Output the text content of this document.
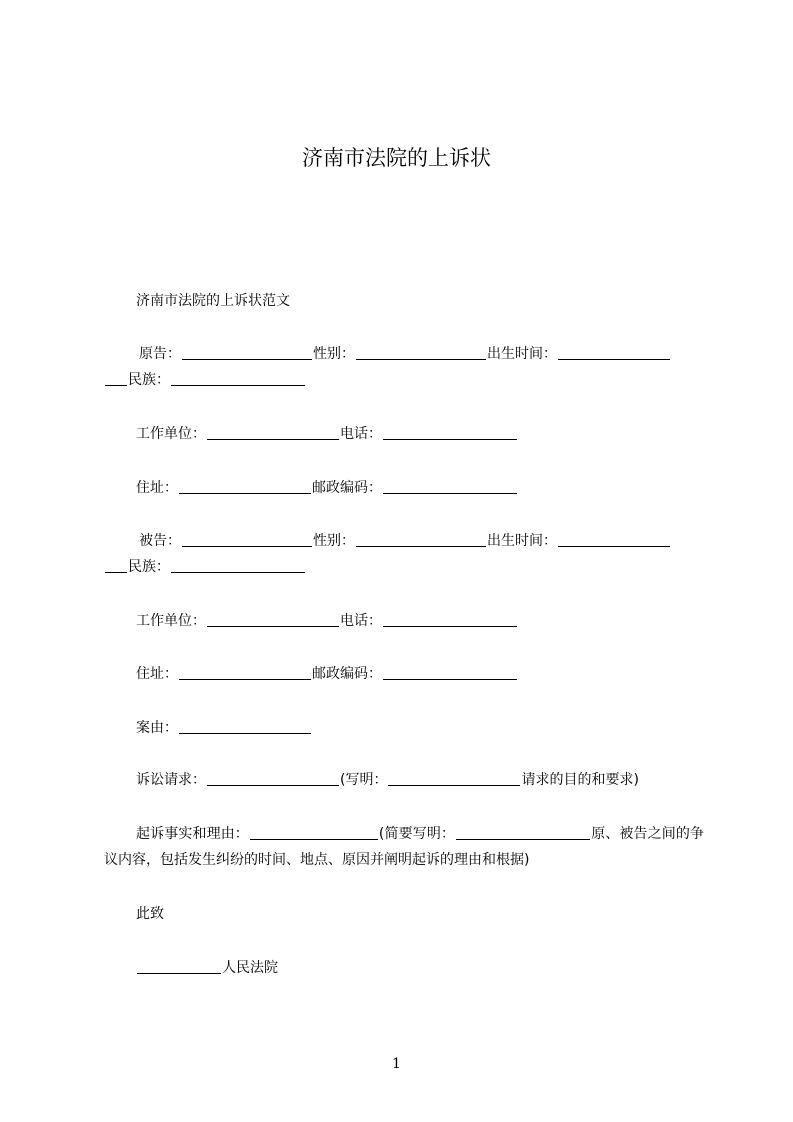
济南市法院的上诉状
济南市法院的上诉状范文
原告：	性别：	出生时间：
民族：
工作单位：	电话：
住址：	邮政编码：
被告：	性别：	出生时间：
民族：
工作单位：	电话：
住址：	邮政编码：
案由：
诉讼请求：	(写明：	请求的目的和要求)
起诉事实和理由：	(简要写明：	原、被告之间的争议内容，包括发生纠纷的时间、地点、原因并阐明起诉的理由和根据)
此致
人民法院
1
